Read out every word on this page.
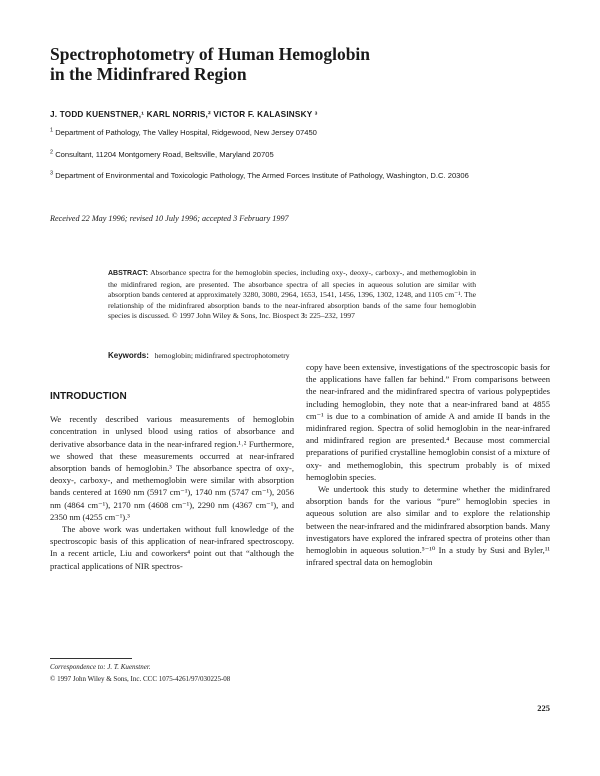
Spectrophotometry of Human Hemoglobin
in the Midinfrared Region
J. TODD KUENSTNER,¹ KARL NORRIS,² VICTOR F. KALASINSKY ³
$^1$ Department of Pathology, The Valley Hospital, Ridgewood, New Jersey 07450
$^2$ Consultant, 11204 Montgomery Road, Beltsville, Maryland 20705
$^3$ Department of Environmental and Toxicologic Pathology, The Armed Forces Institute of Pathology, Washington, D.C. 20306
Received 22 May 1996; revised 10 July 1996; accepted 3 February 1997

ABSTRACT: Absorbance spectra for the hemoglobin species, including oxy-, deoxy-, carboxy-, and methemoglobin in the midinfrared region, are presented. The absorbance spectra of all species in aqueous solution are similar with absorption bands centered at approximately 3280, 3080, 2964, 1653, 1541, 1456, 1396, 1302, 1248, and 1105 cm⁻¹. The relationship of the midinfrared absorption bands to the near-infrared absorption bands of the same four hemoglobin species is discussed. © 1997 John Wiley & Sons, Inc. Biospect 3: 225–232, 1997

Keywords: hemoglobin; midinfrared spectrophotometry
INTRODUCTION

We recently described various measurements of hemoglobin concentration in unlysed blood using ratios of absorbance and derivative absorbance data in the near-infrared region.¹˒² Furthermore, we showed that these measurements occurred at near-infrared absorption bands of hemoglobin.³ The absorbance spectra of oxy-, deoxy-, carboxy-, and methemoglobin were similar with absorption bands centered at 1690 nm (5917 cm⁻¹), 1740 nm (5747 cm⁻¹), 2056 nm (4864 cm⁻¹), 2170 nm (4608 cm⁻¹), 2290 nm (4367 cm⁻¹), and 2350 nm (4255 cm⁻¹).³

The above work was undertaken without full knowledge of the spectroscopic basis of this application of near-infrared spectroscopy. In a recent article, Liu and coworkers⁴ point out that “although the practical applications of NIR spectros-

copy have been extensive, investigations of the spectroscopic basis for the applications have fallen far behind.” From comparisons between the near-infrared and the midinfrared spectra of various polypeptides including hemoglobin, they note that a near-infrared band at 4855 cm⁻¹ is due to a combination of amide A and amide II bands in the midinfrared region. Spectra of solid hemoglobin in the near-infrared and midinfrared region are presented.⁴ Because most commercial preparations of purified crystalline hemoglobin consist of a mixture of oxy- and methemoglobin, this spectrum probably is of mixed hemoglobin species.

We undertook this study to determine whether the midinfrared absorption bands for the various “pure” hemoglobin species in aqueous solution are also similar and to explore the relationship between the near-infrared and the midinfrared absorption bands. Many investigators have explored the infrared spectra of proteins other than hemoglobin in aqueous solution.⁵⁻¹⁰ In a study by Susi and Byler,¹¹ infrared spectral data on hemoglobin

Correspondence to: J. T. Kuenstner.
© 1997 John Wiley & Sons, Inc. CCC 1075-4261/97/030225-08
225
